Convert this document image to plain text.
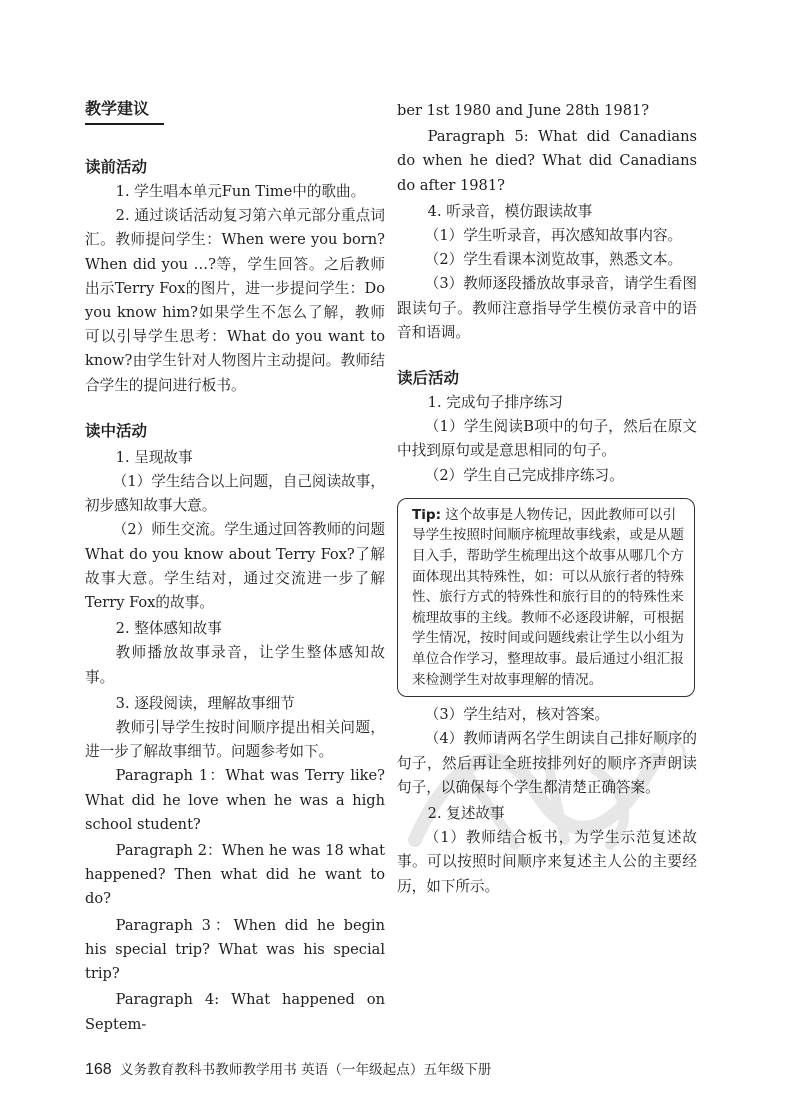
教学建议

读前活动

1. 学生唱本单元Fun Time中的歌曲。

2. 通过谈话活动复习第六单元部分重点词汇。教师提问学生：When were you born? When did you …?等，学生回答。之后教师出示Terry Fox的图片，进一步提问学生：Do you know him?如果学生不怎么了解，教师可以引导学生思考：What do you want to know?由学生针对人物图片主动提问。教师结合学生的提问进行板书。

读中活动

1. 呈现故事

（1）学生结合以上问题，自己阅读故事，初步感知故事大意。

（2）师生交流。学生通过回答教师的问题What do you know about Terry Fox?了解故事大意。学生结对，通过交流进一步了解Terry Fox的故事。

2. 整体感知故事

教师播放故事录音，让学生整体感知故事。

3. 逐段阅读，理解故事细节

教师引导学生按时间顺序提出相关问题，进一步了解故事细节。问题参考如下。

Paragraph 1：What was Terry like? What did he love when he was a high school student?

Paragraph 2：When he was 18 what happened? Then what did he want to do?

Paragraph 3：When did he begin his special trip? What was his special trip?

Paragraph 4: What happened on Septem-

ber 1st 1980 and June 28th 1981?

Paragraph 5: What did Canadians do when he died? What did Canadians do after 1981?

4. 听录音，模仿跟读故事

（1）学生听录音，再次感知故事内容。

（2）学生看课本浏览故事，熟悉文本。

（3）教师逐段播放故事录音，请学生看图跟读句子。教师注意指导学生模仿录音中的语音和语调。

读后活动

1. 完成句子排序练习

（1）学生阅读B项中的句子，然后在原文中找到原句或是意思相同的句子。

（2）学生自己完成排序练习。

Tip: 这个故事是人物传记，因此教师可以引导学生按照时间顺序梳理故事线索，或是从题目入手，帮助学生梳理出这个故事从哪几个方面体现出其特殊性，如：可以从旅行者的特殊性、旅行方式的特殊性和旅行目的的特殊性来梳理故事的主线。教师不必逐段讲解，可根据学生情况，按时间或问题线索让学生以小组为单位合作学习，整理故事。最后通过小组汇报来检测学生对故事理解的情况。

（3）学生结对，核对答案。

（4）教师请两名学生朗读自己排好顺序的句子，然后再让全班按排列好的顺序齐声朗读句子，以确保每个学生都清楚正确答案。

2. 复述故事

（1）教师结合板书，为学生示范复述故事。可以按照时间顺序来复述主人公的主要经历，如下所示。

168 义务教育教科书教师教学用书 英语（一年级起点）五年级下册
